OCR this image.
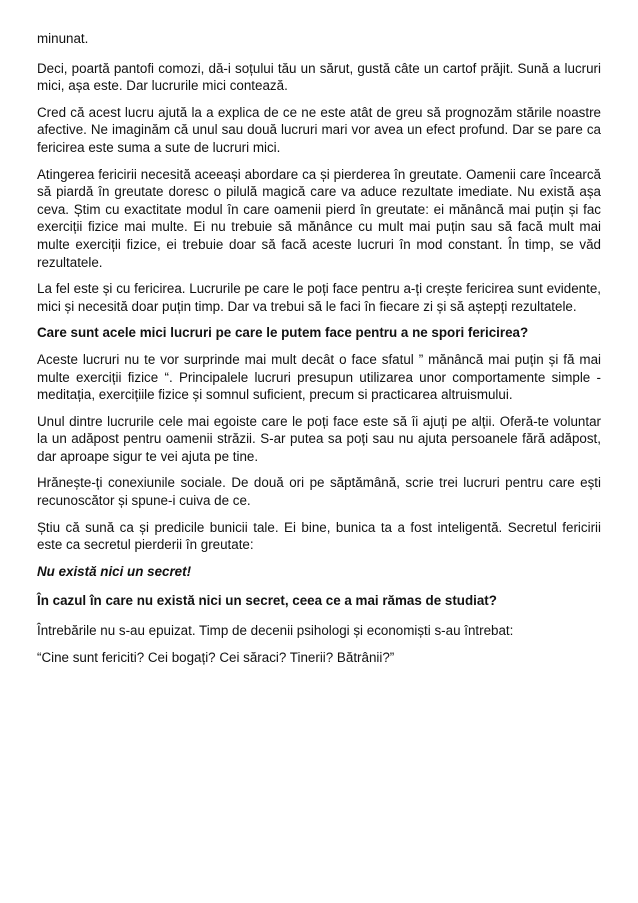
minunat.

Deci, poartă pantofi comozi, dă-i soțului tău un sărut, gustă câte un cartof prăjit. Sună a lucruri mici, așa este. Dar lucrurile mici contează.

Cred că acest lucru ajută la a explica de ce ne este atât de greu să prognozăm stările noastre afective. Ne imaginăm că unul sau două lucruri mari vor avea un efect profund. Dar se pare ca fericirea este suma a sute de lucruri mici.

Atingerea fericirii necesită aceeași abordare ca și pierderea în greutate. Oamenii care încearcă să piardă în greutate doresc o pilulă magică care va aduce rezultate imediate. Nu există așa ceva. Știm cu exactitate modul în care oamenii pierd în greutate: ei mănâncă mai puțin și fac exerciții fizice mai multe. Ei nu trebuie să mănânce cu mult mai puțin sau să facă mult mai multe exerciții fizice, ei trebuie doar să facă aceste lucruri în mod constant. În timp, se văd rezultatele.

La fel este și cu fericirea. Lucrurile pe care le poți face pentru a-ți crește fericirea sunt evidente, mici și necesită doar puțin timp. Dar va trebui să le faci în fiecare zi și să aștepți rezultatele.

Care sunt acele mici lucruri pe care le putem face pentru a ne spori fericirea?

Aceste lucruri nu te vor surprinde mai mult decât o face sfatul ” mănâncă mai puțin și fă mai multe exerciții fizice “. Principalele lucruri presupun utilizarea unor comportamente simple -meditația, exercițiile fizice și somnul suficient, precum si practicarea altruismului.

Unul dintre lucrurile cele mai egoiste care le poți face este să îi ajuți pe alții. Oferă-te voluntar la un adăpost pentru oamenii străzii. S-ar putea sa poți sau nu ajuta persoanele fără adăpost, dar aproape sigur te vei ajuta pe tine.

Hrănește-ți conexiunile sociale. De două ori pe săptămână, scrie trei lucruri pentru care ești recunoscător și spune-i cuiva de ce.

Știu că sună ca și predicile bunicii tale. Ei bine, bunica ta a fost inteligentă. Secretul fericirii este ca secretul pierderii în greutate:

Nu există nici un secret!

În cazul în care nu există nici un secret, ceea ce a mai rămas de studiat?

Întrebările nu s-au epuizat. Timp de decenii psihologi și economiști s-au întrebat:

“Cine sunt fericiti? Cei bogați? Cei săraci? Tinerii? Bătrânii?”
